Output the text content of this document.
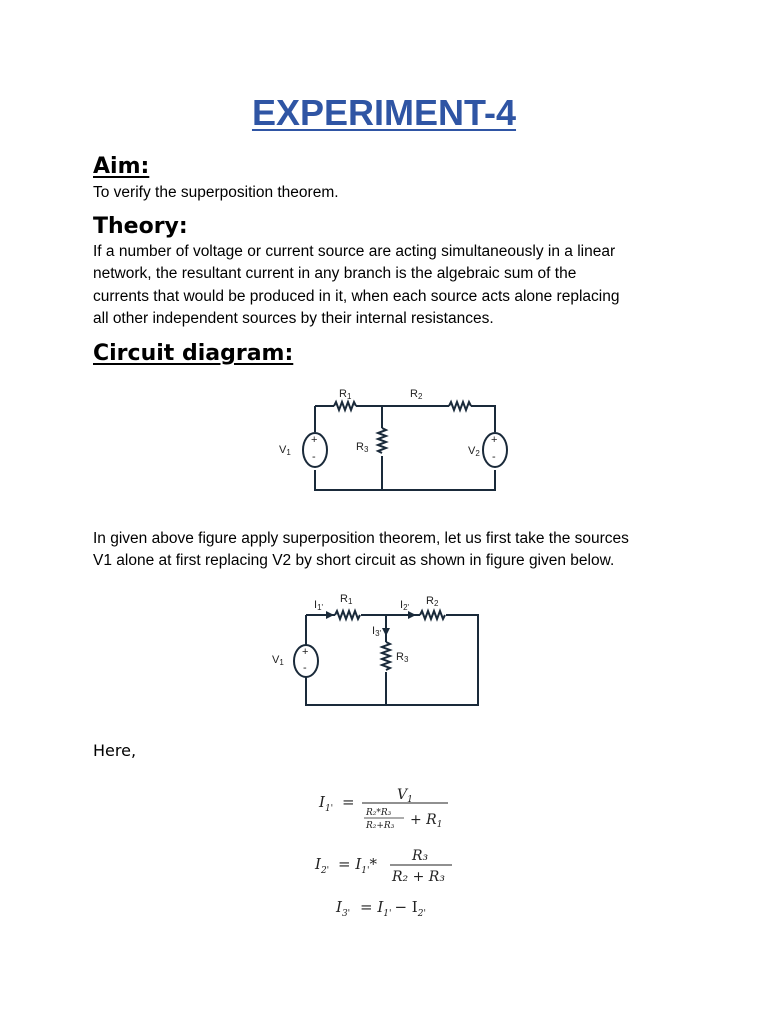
EXPERIMENT-4
Aim:
To verify the superposition theorem.
Theory:
If a number of voltage or current source are acting simultaneously in a linear
network, the resultant current in any branch is the algebraic sum of the
currents that would be produced in it, when each source acts alone replacing
all other independent sources by their internal resistances.
Circuit diagram:
+
-
+
-
R1	R2
R3
V1	V2
In given above figure apply superposition theorem, let us first take the sources
V1 alone at first replacing V2 by short circuit as shown in figure given below.
+
-
I1'	I2'
I3'
R1	R2
R3
V1
Here,
$I_{1'}$ =	$V_1$
R₂*R₃
$R_2+R_3 + R_1$
$I_{2'} = I_{1'}*$	R₃
R₂ + R₃
$I_{3'} = I_{1'} - I_{2'}$
